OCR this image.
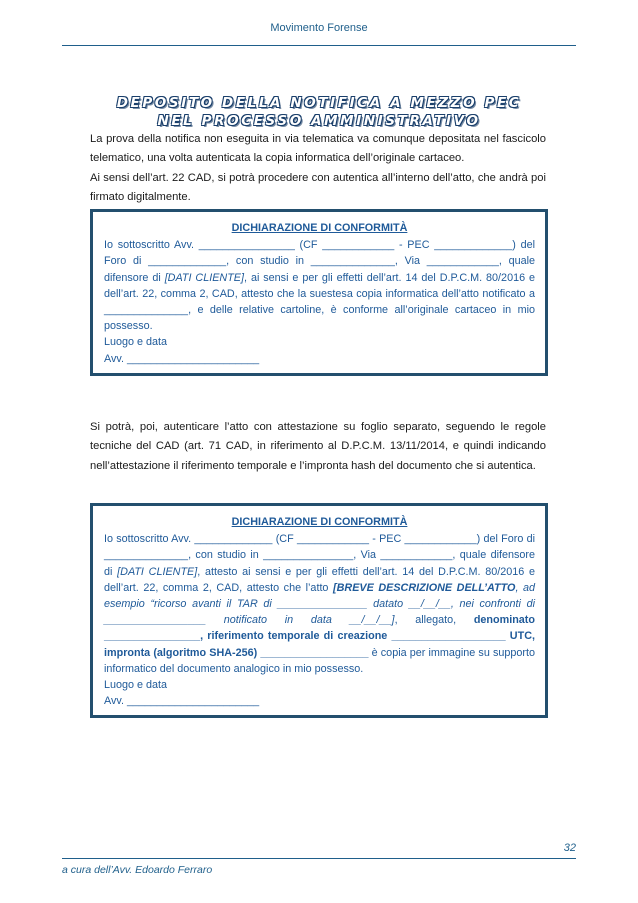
Movimento Forense
DEPOSITO DELLA NOTIFICA A MEZZO PEC
NEL PROCESSO AMMINISTRATIVO

La prova della notifica non eseguita in via telematica va comunque depositata nel fascicolo telematico, una volta autenticata la copia informatica dell’originale cartaceo.

Ai sensi dell’art. 22 CAD, si potrà procedere con autentica all’interno dell’atto, che andrà poi firmato digitalmente.

DICHIARAZIONE DI CONFORMITÀ

Io sottoscritto Avv. ________________ (CF ____________ - PEC _____________) del Foro di _____________, con studio in ______________, Via ____________, quale difensore di [DATI CLIENTE], ai sensi e per gli effetti dell’art. 14 del D.P.C.M. 80/2016 e dell’art. 22, comma 2, CAD, attesto che la suestesa copia informatica dell’atto notificato a ______________, e delle relative cartoline, è conforme all’originale cartaceo in mio possesso.

Luogo e data

Avv. ______________________

Si potrà, poi, autenticare l’atto con attestazione su foglio separato, seguendo le regole tecniche del CAD (art. 71 CAD, in riferimento al D.P.C.M. 13/11/2014, e quindi indicando nell’attestazione il riferimento temporale e l’impronta hash del documento che si autentica.

DICHIARAZIONE DI CONFORMITÀ

Io sottoscritto Avv. _____________ (CF ____________ - PEC ____________) del Foro di ______________, con studio in _______________, Via ____________, quale difensore di [DATI CLIENTE], attesto ai sensi e per gli effetti dell’art. 14 del D.P.C.M. 80/2016 e dell’art. 22, comma 2, CAD, attesto che l’atto [BREVE DESCRIZIONE DELL’ATTO, ad esempio “ricorso avanti il TAR di _______________ datato __/__/__, nei confronti di _________________ notificato in data __/__/__], allegato, denominato ________________, riferimento temporale di creazione ___________________ UTC, impronta (algoritmo SHA-256) __________________ è copia per immagine su supporto informatico del documento analogico in mio possesso.

Luogo e data

Avv. ______________________

32
a cura dell’Avv. Edoardo Ferraro
